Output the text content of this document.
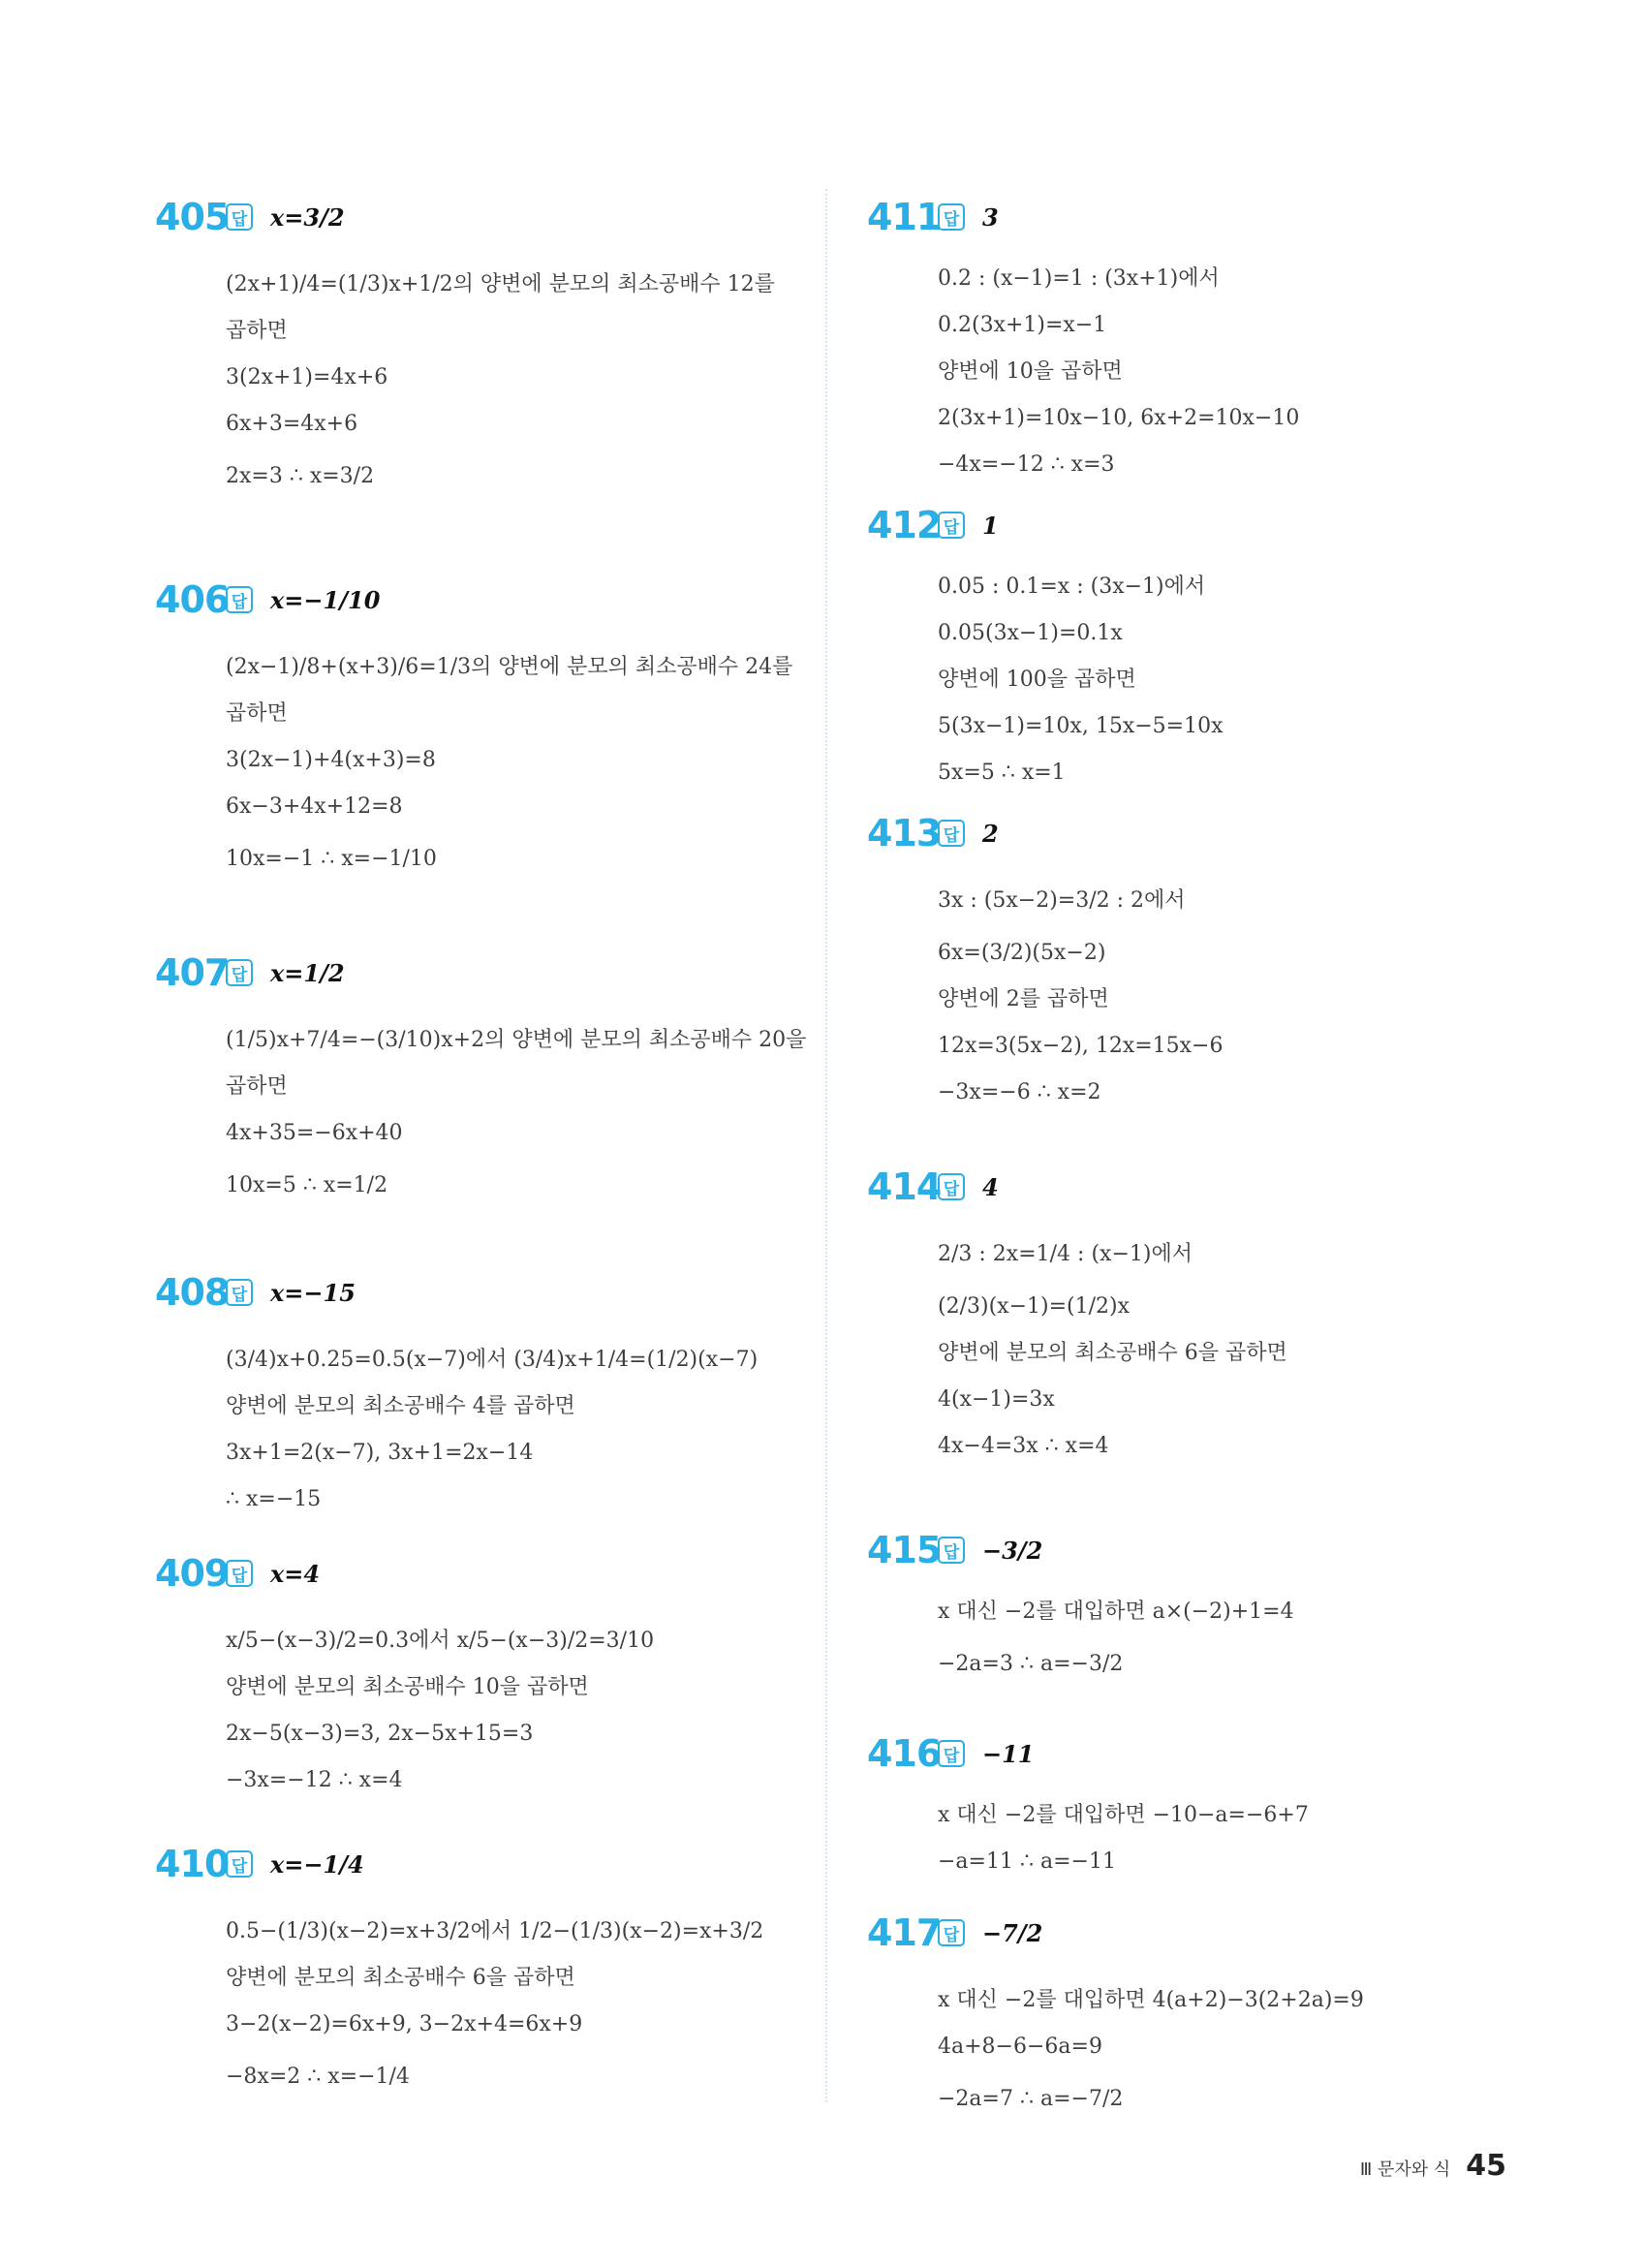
405 답 x=3/2
(2x+1)/4=(1/3)x+1/2의 양변에 분모의 최소공배수 12를
곱하면
3(2x+1)=4x+6
6x+3=4x+6
2x=3 ∴ x=3/2
406 답 x=−1/10
(2x−1)/8+(x+3)/6=1/3의 양변에 분모의 최소공배수 24를
곱하면
3(2x−1)+4(x+3)=8
6x−3+4x+12=8
10x=−1 ∴ x=−1/10
407 답 x=1/2
(1/5)x+7/4=−(3/10)x+2의 양변에 분모의 최소공배수 20을
곱하면
4x+35=−6x+40
10x=5 ∴ x=1/2
408 답 x=−15
(3/4)x+0.25=0.5(x−7)에서 (3/4)x+1/4=(1/2)(x−7)
양변에 분모의 최소공배수 4를 곱하면
3x+1=2(x−7), 3x+1=2x−14
∴ x=−15
409 답 x=4
x/5−(x−3)/2=0.3에서 x/5−(x−3)/2=3/10
양변에 분모의 최소공배수 10을 곱하면
2x−5(x−3)=3, 2x−5x+15=3
−3x=−12 ∴ x=4
410 답 x=−1/4
0.5−(1/3)(x−2)=x+3/2에서 1/2−(1/3)(x−2)=x+3/2
양변에 분모의 최소공배수 6을 곱하면
3−2(x−2)=6x+9, 3−2x+4=6x+9
−8x=2 ∴ x=−1/4
411 답 3
0.2 : (x−1)=1 : (3x+1)에서
0.2(3x+1)=x−1
양변에 10을 곱하면
2(3x+1)=10x−10, 6x+2=10x−10
−4x=−12 ∴ x=3
412 답 1
0.05 : 0.1=x : (3x−1)에서
0.05(3x−1)=0.1x
양변에 100을 곱하면
5(3x−1)=10x, 15x−5=10x
5x=5 ∴ x=1
413 답 2
3x : (5x−2)=3/2 : 2에서
6x=(3/2)(5x−2)
양변에 2를 곱하면
12x=3(5x−2), 12x=15x−6
−3x=−6 ∴ x=2
414 답 4
2/3 : 2x=1/4 : (x−1)에서
(2/3)(x−1)=(1/2)x
양변에 분모의 최소공배수 6을 곱하면
4(x−1)=3x
4x−4=3x ∴ x=4
415 답 −3/2
x 대신 −2를 대입하면 a×(−2)+1=4
−2a=3 ∴ a=−3/2
416 답 −11
x 대신 −2를 대입하면 −10−a=−6+7
−a=11 ∴ a=−11
417 답 −7/2
x 대신 −2를 대입하면 4(a+2)−3(2+2a)=9
4a+8−6−6a=9
−2a=7 ∴ a=−7/2
Ⅲ 문자와 식 45
